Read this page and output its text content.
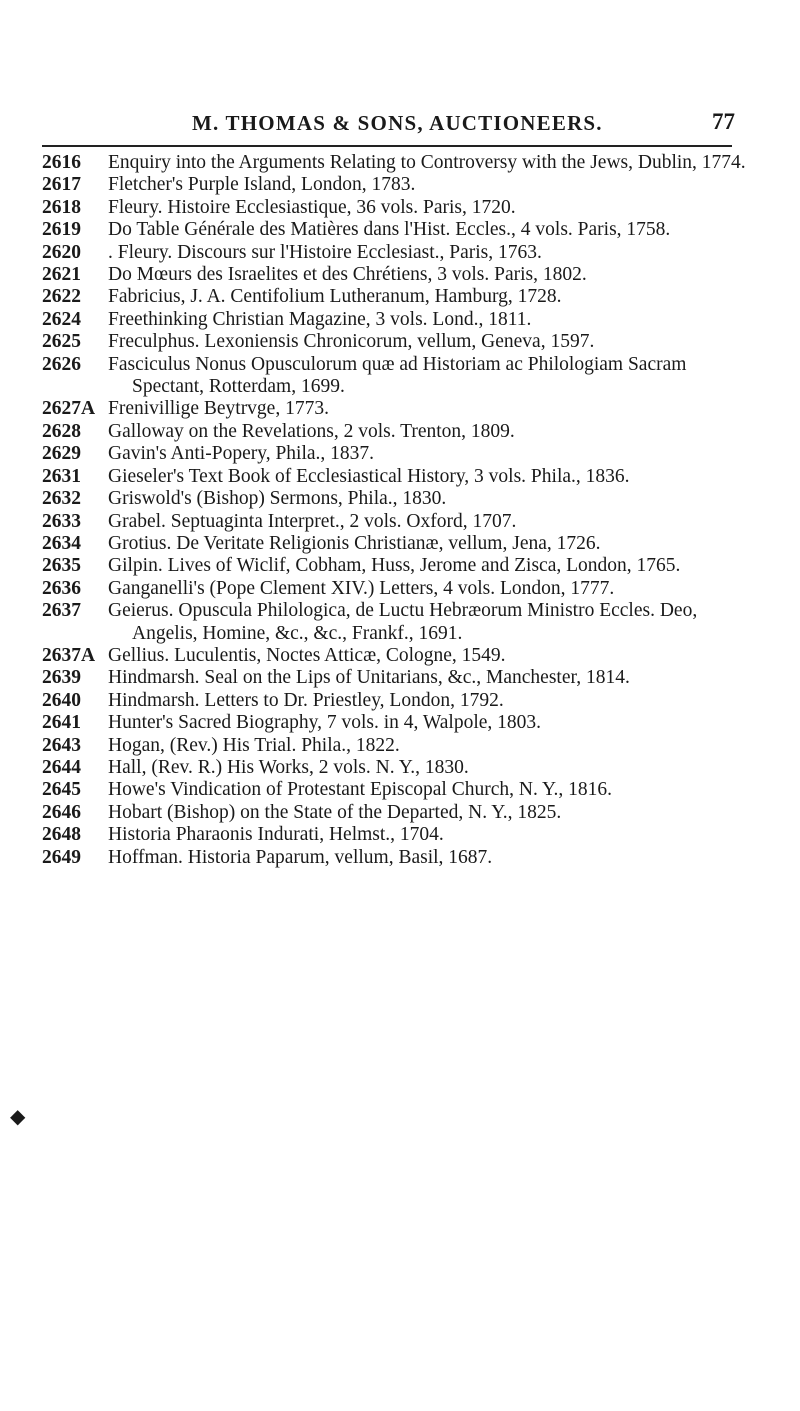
M. THOMAS & SONS, AUCTIONEERS.	77
2616 Enquiry into the Arguments Relating to Controversy with the Jews, Dublin, 1774.
2617 Fletcher's Purple Island, London, 1783.
2618 Fleury. Histoire Ecclesiastique, 36 vols. Paris, 1720.
2619 Do Table Générale des Matières dans l'Hist. Eccles., 4 vols. Paris, 1758.
2620 . Fleury. Discours sur l'Histoire Ecclesiast., Paris, 1763.
2621 Do Mœurs des Israelites et des Chrétiens, 3 vols. Paris, 1802.
2622 Fabricius, J. A. Centifolium Lutheranum, Hamburg, 1728.
2624 Freethinking Christian Magazine, 3 vols. Lond., 1811.
2625 Freculphus. Lexoniensis Chronicorum, vellum, Geneva, 1597.
2626 Fasciculus Nonus Opusculorum quæ ad Historiam ac Philologiam Sacram Spectant, Rotterdam, 1699.
2627A Frenivillige Beytrvge, 1773.
2628 Galloway on the Revelations, 2 vols. Trenton, 1809.
2629 Gavin's Anti-Popery, Phila., 1837.
2631 Gieseler's Text Book of Ecclesiastical History, 3 vols. Phila., 1836.
2632 Griswold's (Bishop) Sermons, Phila., 1830.
2633 Grabel. Septuaginta Interpret., 2 vols. Oxford, 1707.
2634 Grotius. De Veritate Religionis Christianæ, vellum, Jena, 1726.
2635 Gilpin. Lives of Wiclif, Cobham, Huss, Jerome and Zisca, London, 1765.
2636 Ganganelli's (Pope Clement XIV.) Letters, 4 vols. London, 1777.
2637 Geierus. Opuscula Philologica, de Luctu Hebræorum Ministro Eccles. Deo, Angelis, Homine, &c., &c., Frankf., 1691.
2637A Gellius. Luculentis, Noctes Atticæ, Cologne, 1549.
2639 Hindmarsh. Seal on the Lips of Unitarians, &c., Manchester, 1814.
2640 Hindmarsh. Letters to Dr. Priestley, London, 1792.
2641 Hunter's Sacred Biography, 7 vols. in 4, Walpole, 1803.
2643 Hogan, (Rev.) His Trial. Phila., 1822.
2644 Hall, (Rev. R.) His Works, 2 vols. N. Y., 1830.
2645 Howe's Vindication of Protestant Episcopal Church, N. Y., 1816.
2646 Hobart (Bishop) on the State of the Departed, N. Y., 1825.
2648 Historia Pharaonis Indurati, Helmst., 1704.
2649 Hoffman. Historia Paparum, vellum, Basil, 1687.
◆
